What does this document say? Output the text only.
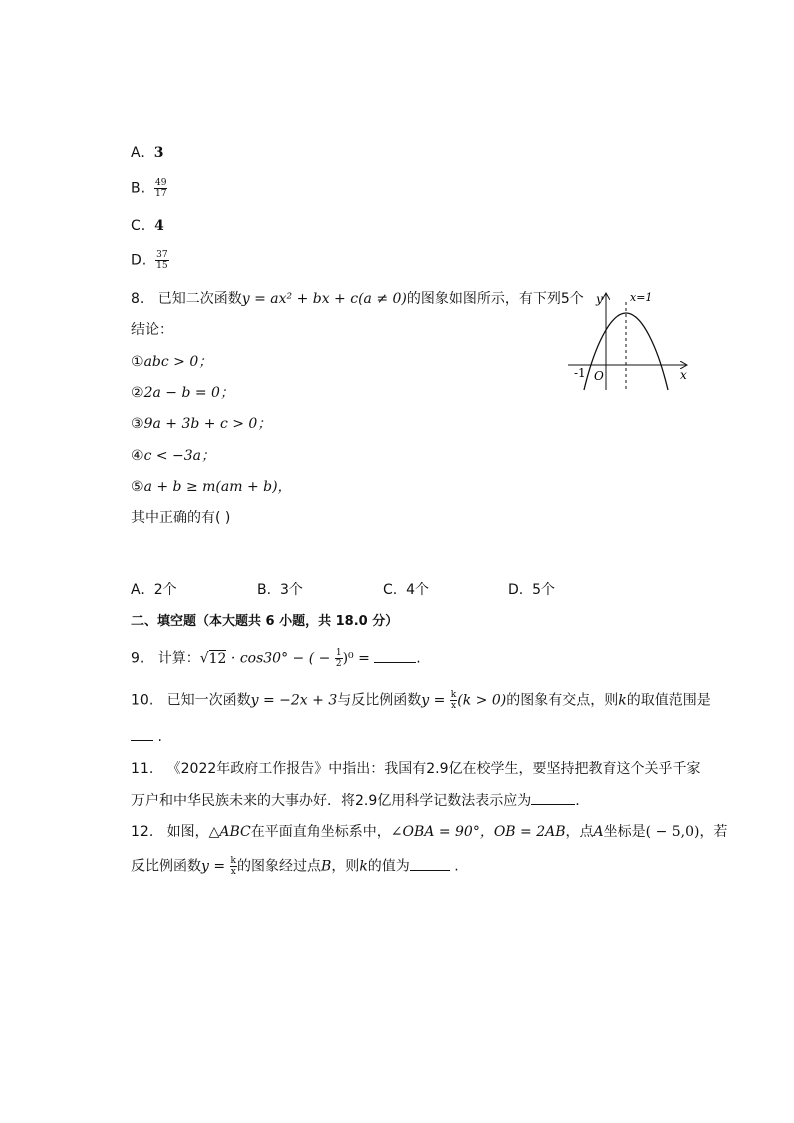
A. 3
B. $\frac{49}{17}$
C. 4
D. $\frac{37}{15}$
8. 已知二次函数y = ax² + bx + c(a ≠ 0)的图象如图所示，有下列5个
结论：
①abc > 0；
②2a − b = 0；
③9a + 3b + c > 0；
④c < −3a；
⑤a + b ≥ m(am + b)，
其中正确的有( )
A. 2个	B. 3个	C. 4个	D. 5个
y
x
O
-1
x=1
二、填空题（本大题共 6 小题，共 18.0 分）
9. 计算：√12 · cos30° − ( − $\frac{1}{2} )^0$ =	.
10. 已知一次函数y = −2x + 3与反比例函数$y = \frac{k}{x} (k > 0)$的图象有交点，则k的取值范围是
.
11. 《2022年政府工作报告》中指出：我国有2.9亿在校学生，要坚持把教育这个关乎千家
万户和中华民族未来的大事办好．将2.9亿用科学记数法表示应为	.
12. 如图，△ABC在平面直角坐标系中，∠OBA = 90°，OB = 2AB，点A坐标是( − 5,0)，若
反比例函数$y = \frac{k}{x}$ 的图象经过点B，则k的值为	.
